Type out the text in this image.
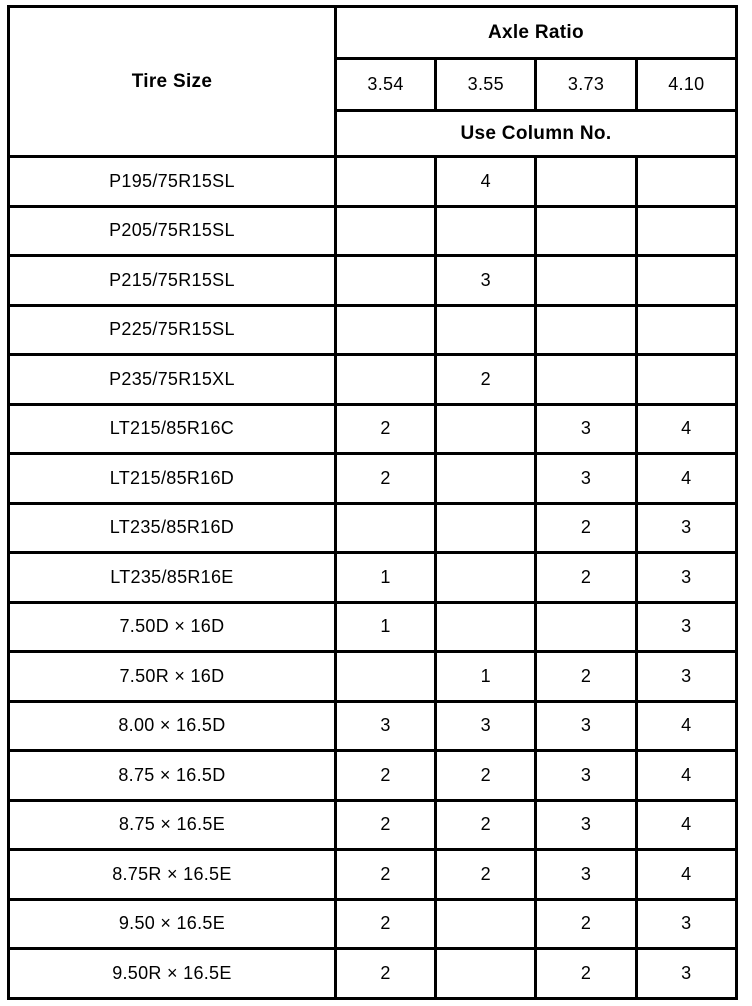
Tire Size	Axle Ratio			
	3.54	3.55	3.73	4.10
	Use Column No.			
P195/75R15SL		4		
P205/75R15SL				
P215/75R15SL		3		
P225/75R15SL				
P235/75R15XL		2		
LT215/85R16C	2		3	4
LT215/85R16D	2		3	4
LT235/85R16D			2	3
LT235/85R16E	1		2	3
7.50D × 16D	1			3
7.50R × 16D		1	2	3
8.00 × 16.5D	3	3	3	4
8.75 × 16.5D	2	2	3	4
8.75 × 16.5E	2	2	3	4
8.75R × 16.5E	2	2	3	4
9.50 × 16.5E	2		2	3
9.50R × 16.5E	2		2	3
